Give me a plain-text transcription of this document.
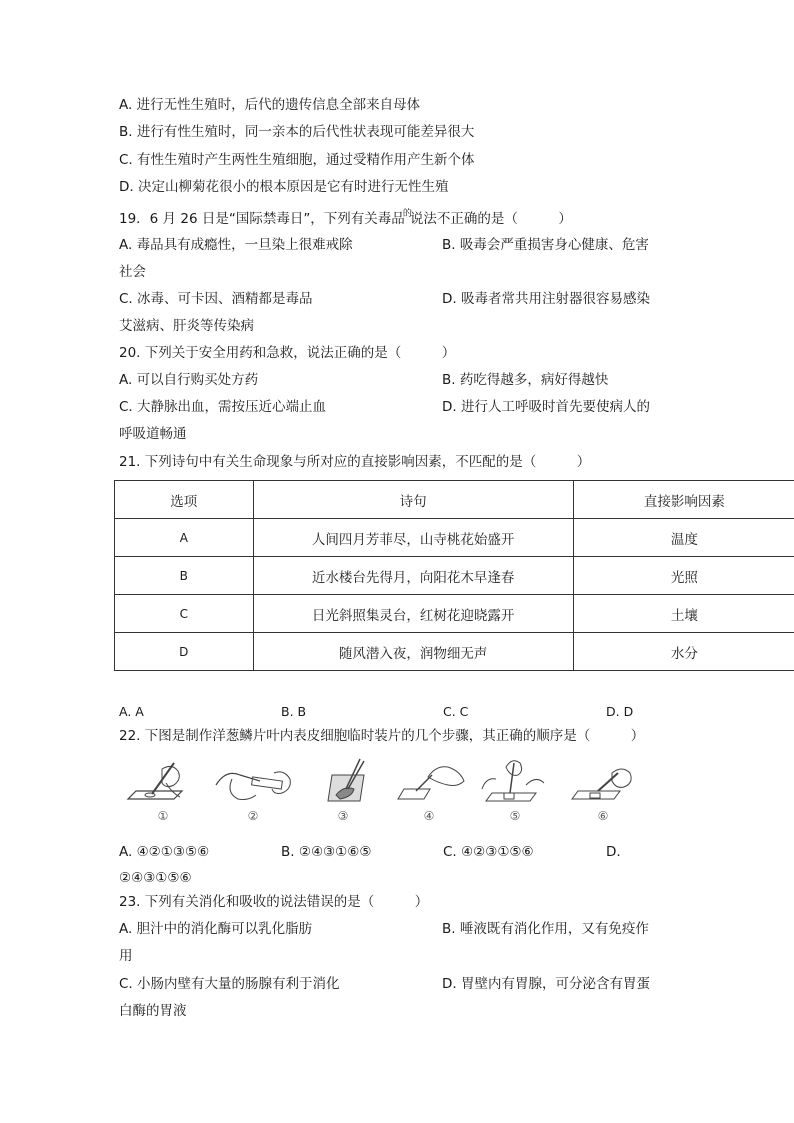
A. 进行无性生殖时，后代的遗传信息全部来自母体
B. 进行有性生殖时，同一亲本的后代性状表现可能差异很大
C. 有性生殖时产生两性生殖细胞，通过受精作用产生新个体
D. 决定山柳菊花很小的根本原因是它有时进行无性生殖
19．6 月 26 日是“国际禁毒日”，下列有关毒品$^的$说法不正确的是（　　　）
A. 毒品具有成瘾性，一旦染上很难戒除	B. 吸毒会严重损害身心健康、危害
社会
C. 冰毒、可卡因、酒精都是毒品	D. 吸毒者常共用注射器很容易感染
艾滋病、肝炎等传染病
20. 下列关于安全用药和急救，说法正确的是（　　　）
A. 可以自行购买处方药	B. 药吃得越多，病好得越快
C. 大静脉出血，需按压近心端止血	D. 进行人工呼吸时首先要使病人的
呼吸道畅通
21. 下列诗句中有关生命现象与所对应的直接影响因素，不匹配的是（　　　）
选项	诗句	直接影响因素
A	人间四月芳菲尽，山寺桃花始盛开	温度
B	近水楼台先得月，向阳花木早逢春	光照
C	日光斜照集灵台，红树花迎晓露开	土壤
D	随风潜入夜，润物细无声	水分
A. A	B. B	C. C	D. D
22. 下图是制作洋葱鳞片叶内表皮细胞临时装片的几个步骤，其正确的顺序是（　　　）
①	②	③	④	⑤	⑥
A. ④②①③⑤⑥	B. ②④③①⑥⑤	C. ④②③①⑤⑥	D.
②④③①⑤⑥
23. 下列有关消化和吸收的说法错误的是（　　　）
A. 胆汁中的消化酶可以乳化脂肪	B. 唾液既有消化作用，又有免疫作
用
C. 小肠内壁有大量的肠腺有利于消化	D. 胃壁内有胃腺，可分泌含有胃蛋
白酶的胃液
